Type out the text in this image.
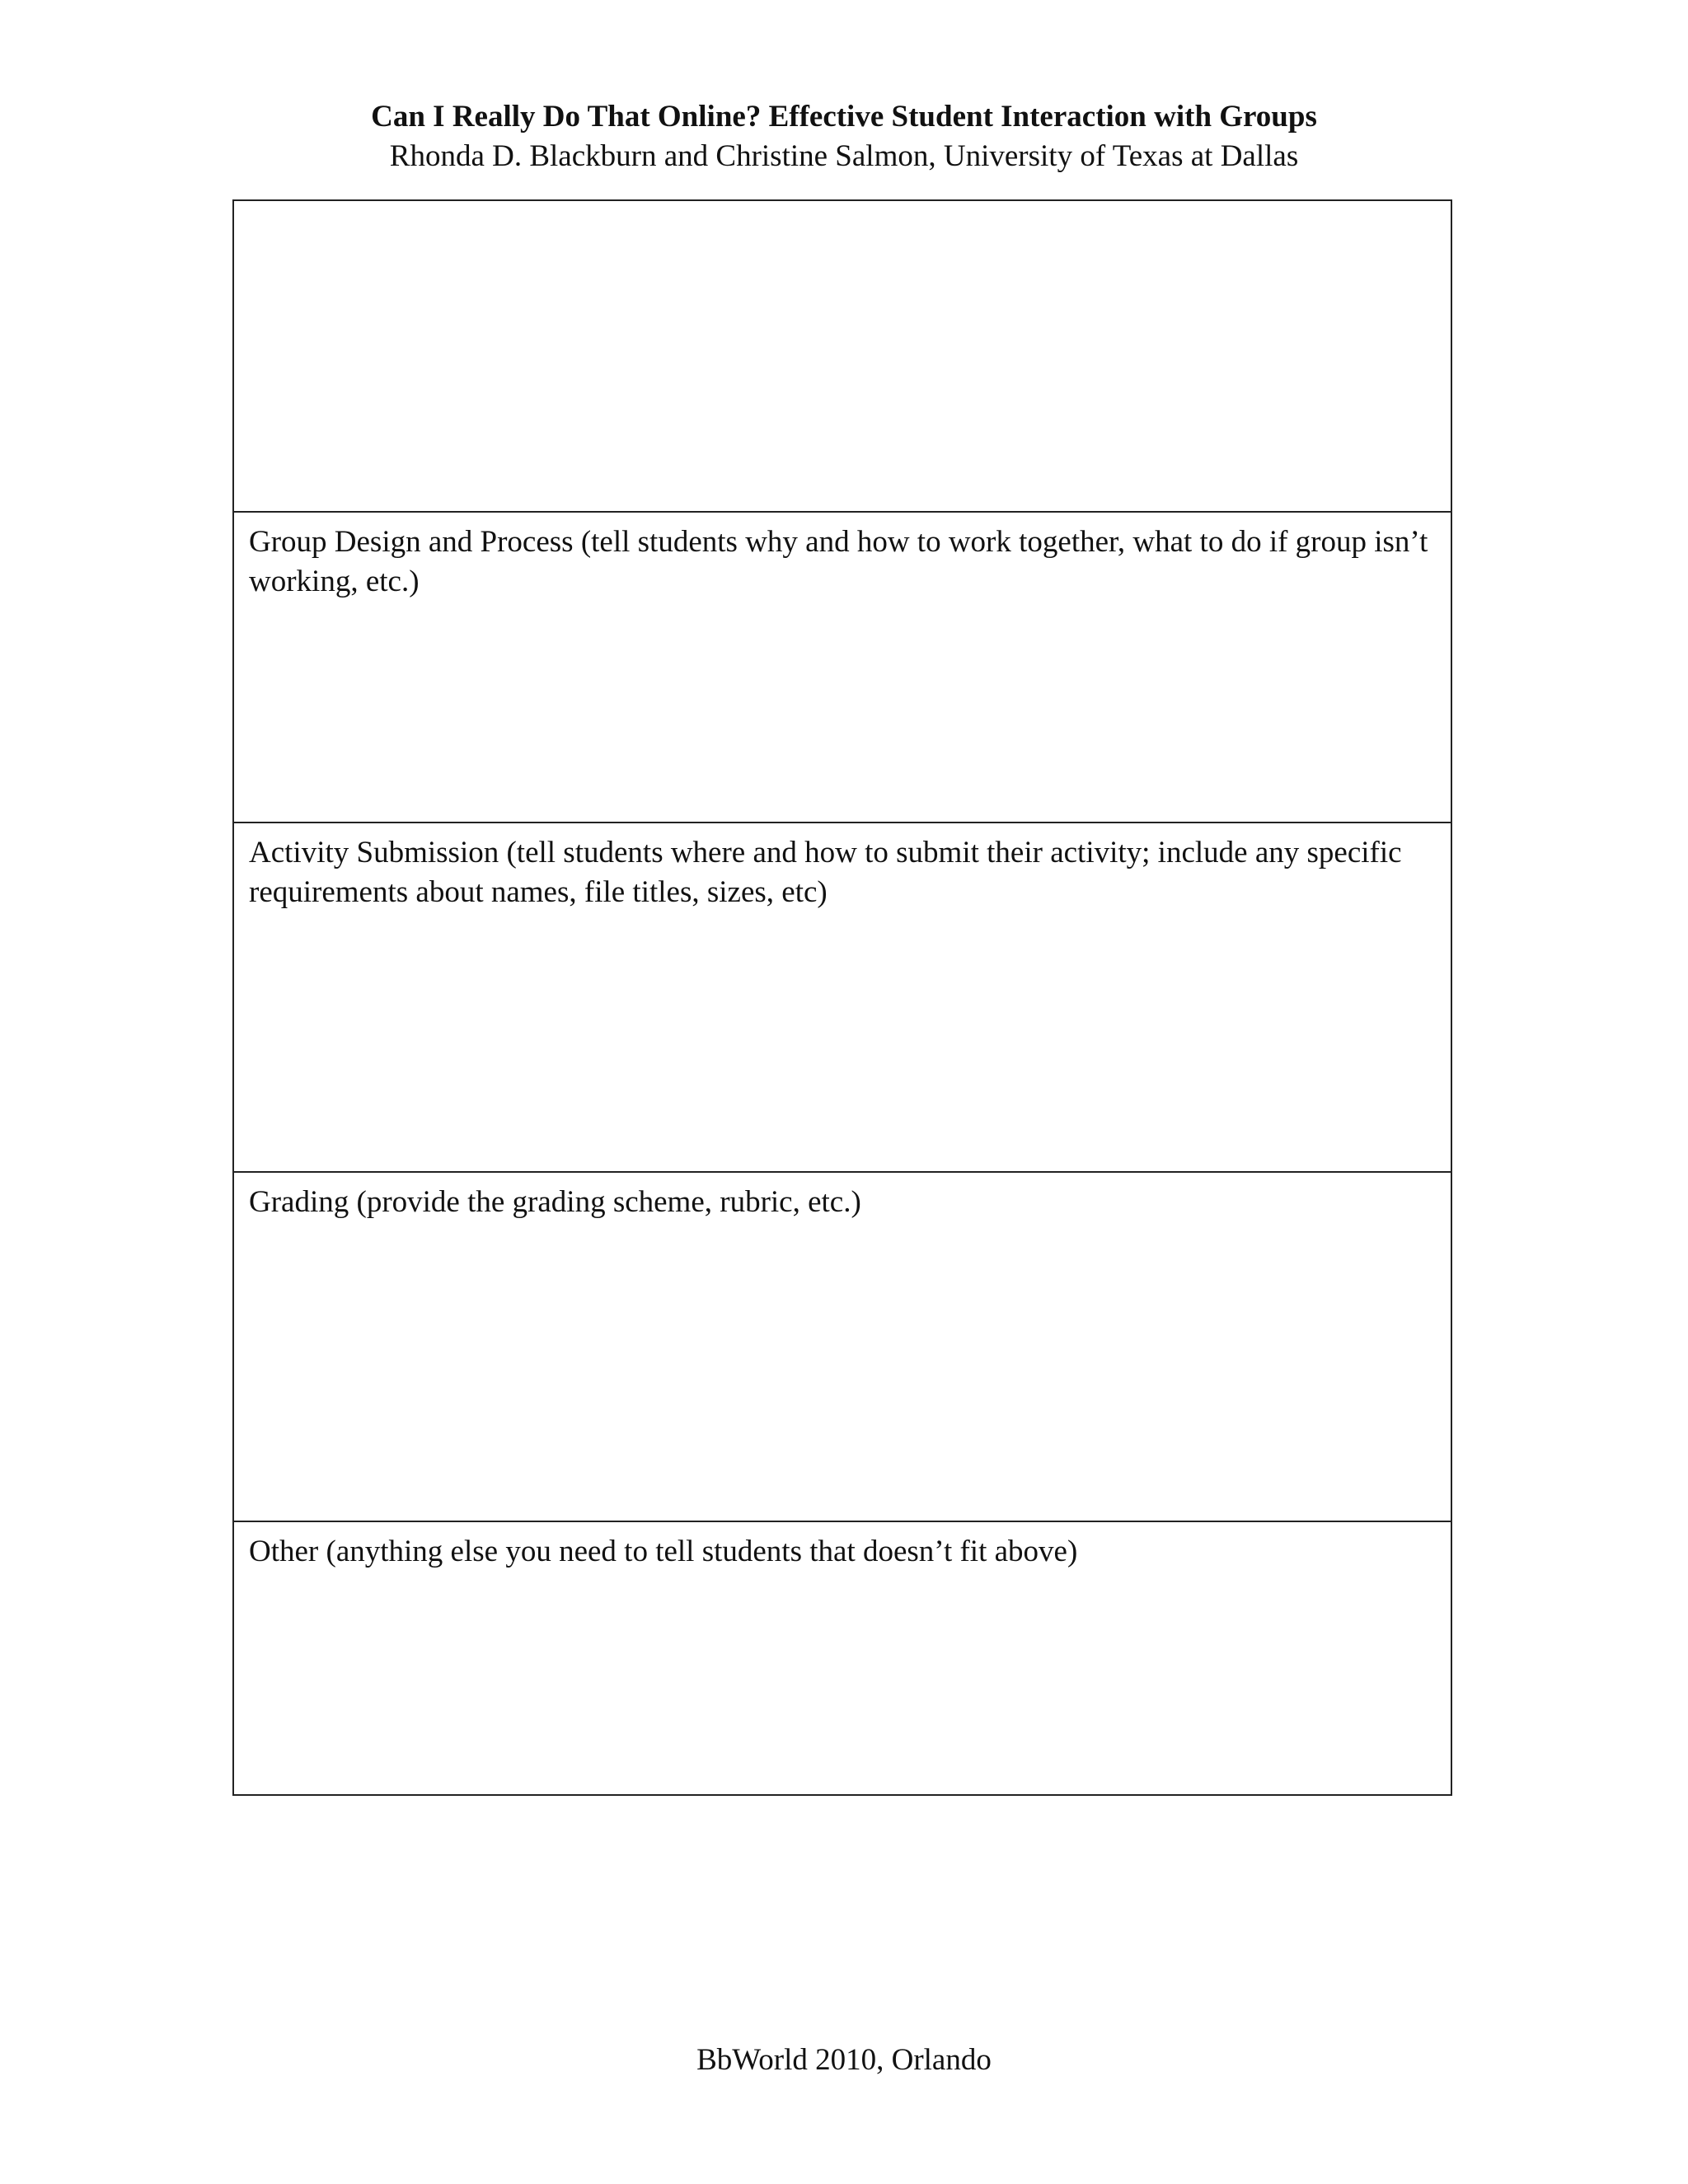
Can I Really Do That Online? Effective Student Interaction with Groups
Rhonda D. Blackburn and Christine Salmon, University of Texas at Dallas
Group Design and Process (tell students why and how to work together, what to do if group isn’t working, etc.)
Activity Submission (tell students where and how to submit their activity; include any specific requirements about names, file titles, sizes, etc)
Grading (provide the grading scheme, rubric, etc.)
Other (anything else you need to tell students that doesn’t fit above)
BbWorld 2010, Orlando
